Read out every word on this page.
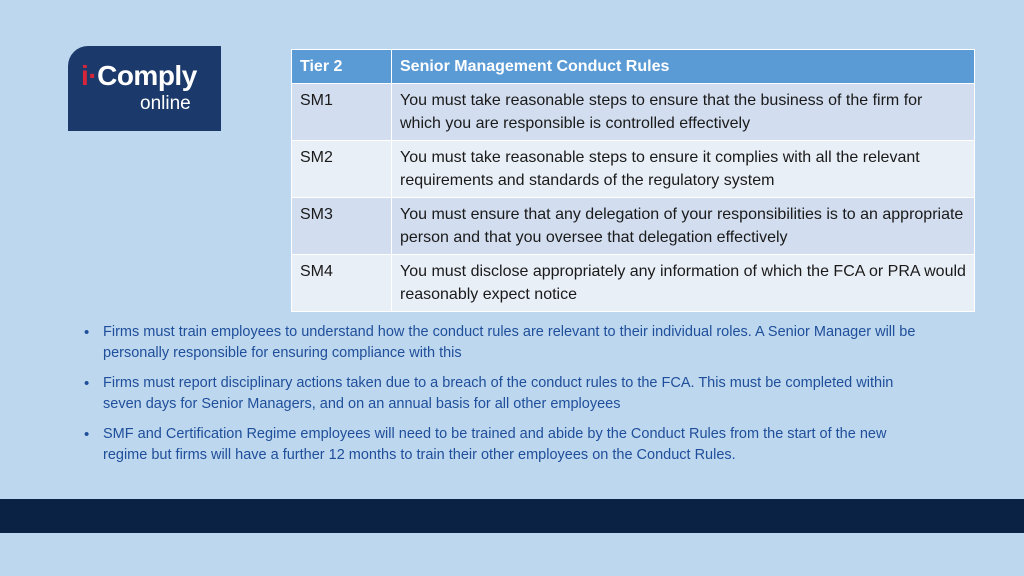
i·Comply
online
Tier 2	Senior Management Conduct Rules
SM1	You must take reasonable steps to ensure that the business of the firm for which you are responsible is controlled effectively
SM2	You must take reasonable steps to ensure it complies with all the relevant requirements and standards of the regulatory system
SM3	You must ensure that any delegation of your responsibilities is to an appropriate person and that you oversee that delegation effectively
SM4	You must disclose appropriately any information of which the FCA or PRA would reasonably expect notice
• Firms must train employees to understand how the conduct rules are relevant to their individual roles. A Senior Manager will be personally responsible for ensuring compliance with this
• Firms must report disciplinary actions taken due to a breach of the conduct rules to the FCA. This must be completed within seven days for Senior Managers, and on an annual basis for all other employees
• SMF and Certification Regime employees will need to be trained and abide by the Conduct Rules from the start of the new regime but firms will have a further 12 months to train their other employees on the Conduct Rules.
